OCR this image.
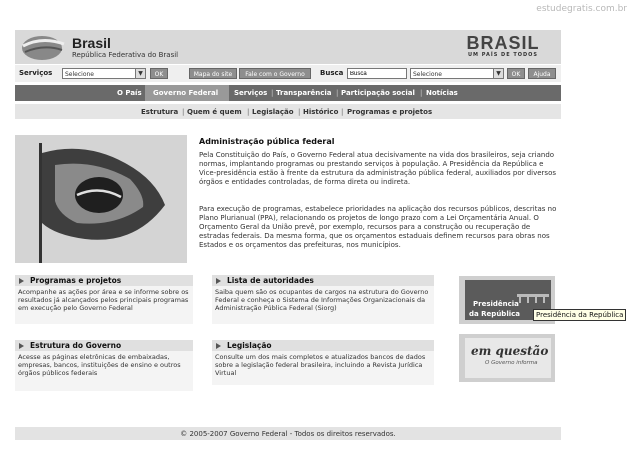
estudegratis.com.br
Brasil
República Federativa do Brasil
BRASIL
UM PAÍS DE TODOS
Serviços	Selecione	▼	OK	Mapa do site	Fale com o Governo	Busca
Busca	Selecione	▼	OK	Ajuda
O País Governo Federal Serviços | Transparência | Participação social | Notícias
Estrutura | Quem é quem | Legislação | Histórico | Programas e projetos
Administração pública federal
Pela Constituição do País, o Governo Federal atua decisivamente na vida dos brasileiros, seja criando normas, implantando programas ou prestando serviços à população. A Presidência da República e Vice-presidência estão à frente da estrutura da administração pública federal, auxiliados por diversos órgãos e entidades controladas, de forma direta ou indireta.
Para execução de programas, estabelece prioridades na aplicação dos recursos públicos, descritas no Plano Plurianual (PPA), relacionando os projetos de longo prazo com a Lei Orçamentária Anual. O Orçamento Geral da União prevê, por exemplo, recursos para a construção ou recuperação de estradas federais. Da mesma forma, que os orçamentos estaduais definem recursos para obras nos Estados e os orçamentos das prefeituras, nos municípios.
Programas e projetos
Acompanhe as ações por área e se informe sobre os resultados já alcançados pelos principais programas em execução pelo Governo Federal
Lista de autoridades
Saiba quem são os ocupantes de cargos na estrutura do Governo Federal e conheça o Sistema de Informações Organizacionais da Administração Pública Federal (Siorg)
Estrutura do Governo
Acesse as páginas eletrônicas de embaixadas, empresas, bancos, instituições de ensino e outros órgãos públicos federais
Legislação
Consulte um dos mais completos e atualizados bancos de dados sobre a legislação federal brasileira, incluindo a Revista Jurídica Virtual
Presidência
da República	Presidência da República
em questão
O Governo informa
© 2005-2007 Governo Federal - Todos os direitos reservados.
